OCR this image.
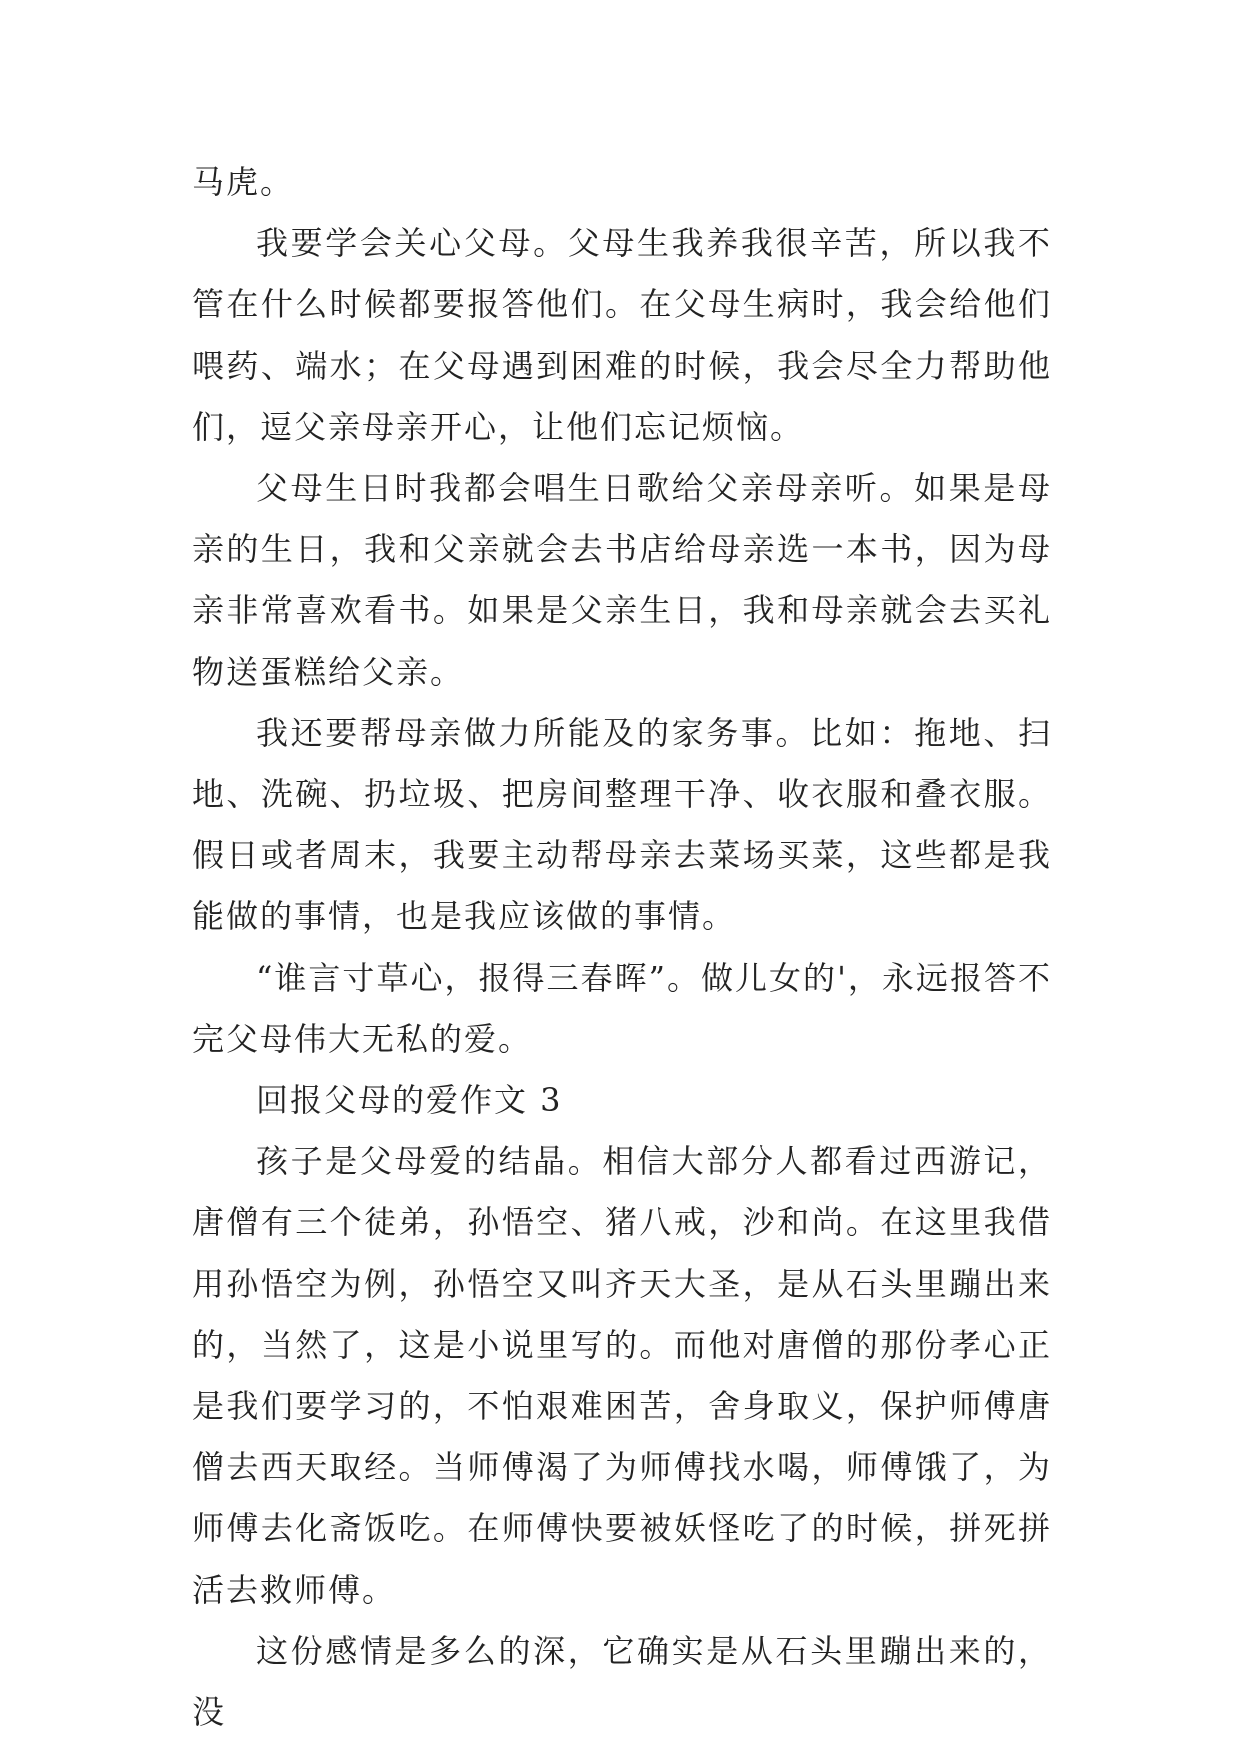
马虎。

我要学会关心父母。父母生我养我很辛苦，所以我不管在什么时候都要报答他们。在父母生病时，我会给他们喂药、端水；在父母遇到困难的时候，我会尽全力帮助他们，逗父亲母亲开心，让他们忘记烦恼。

父母生日时我都会唱生日歌给父亲母亲听。如果是母亲的生日，我和父亲就会去书店给母亲选一本书，因为母亲非常喜欢看书。如果是父亲生日，我和母亲就会去买礼物送蛋糕给父亲。

我还要帮母亲做力所能及的家务事。比如：拖地、扫地、洗碗、扔垃圾、把房间整理干净、收衣服和叠衣服。假日或者周末，我要主动帮母亲去菜场买菜，这些都是我能做的事情，也是我应该做的事情。

“谁言寸草心，报得三春晖”。做儿女的'，永远报答不完父母伟大无私的爱。

回报父母的爱作文 3

孩子是父母爱的结晶。相信大部分人都看过西游记，唐僧有三个徒弟，孙悟空、猪八戒，沙和尚。在这里我借用孙悟空为例，孙悟空又叫齐天大圣，是从石头里蹦出来的，当然了，这是小说里写的。而他对唐僧的那份孝心正是我们要学习的，不怕艰难困苦，舍身取义，保护师傅唐僧去西天取经。当师傅渴了为师傅找水喝，师傅饿了，为师傅去化斋饭吃。在师傅快要被妖怪吃了的时候，拼死拼活去救师傅。

这份感情是多么的深，它确实是从石头里蹦出来的，没
